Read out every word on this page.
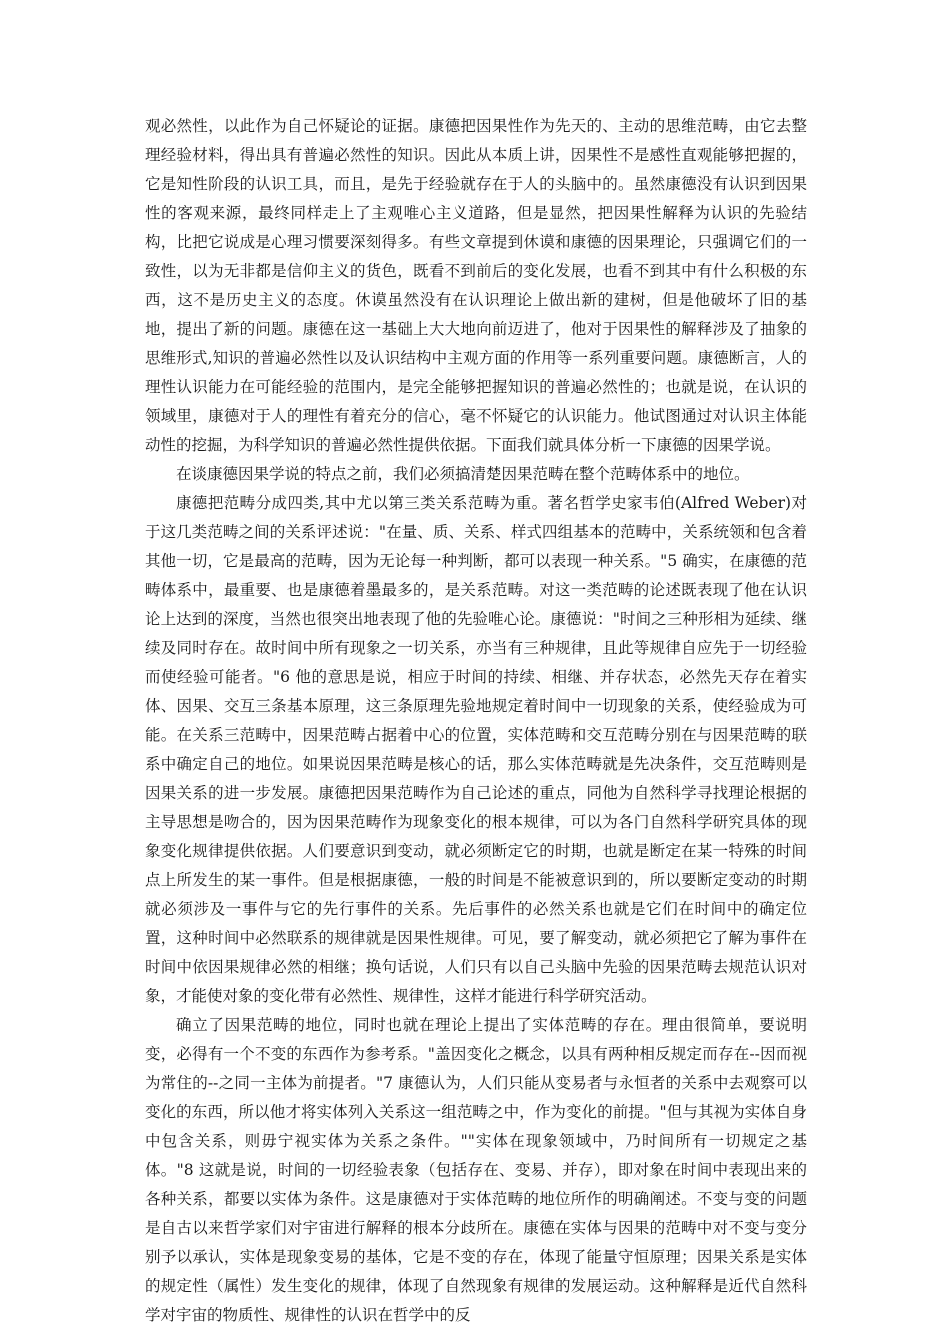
观必然性，以此作为自己怀疑论的证据。康德把因果性作为先天的、主动的思维范畴，由它去整理经验材料，得出具有普遍必然性的知识。因此从本质上讲，因果性不是感性直观能够把握的，它是知性阶段的认识工具，而且，是先于经验就存在于人的头脑中的。虽然康德没有认识到因果性的客观来源，最终同样走上了主观唯心主义道路，但是显然，把因果性解释为认识的先验结构，比把它说成是心理习惯要深刻得多。有些文章提到休谟和康德的因果理论，只强调它们的一致性，以为无非都是信仰主义的货色，既看不到前后的变化发展，也看不到其中有什么积极的东西，这不是历史主义的态度。休谟虽然没有在认识理论上做出新的建树，但是他破坏了旧的基地，提出了新的问题。康德在这一基础上大大地向前迈进了，他对于因果性的解释涉及了抽象的思维形式,知识的普遍必然性以及认识结构中主观方面的作用等一系列重要问题。康德断言，人的理性认识能力在可能经验的范围内，是完全能够把握知识的普遍必然性的；也就是说，在认识的领域里，康德对于人的理性有着充分的信心，毫不怀疑它的认识能力。他试图通过对认识主体能动性的挖掘，为科学知识的普遍必然性提供依据。下面我们就具体分析一下康德的因果学说。

在谈康德因果学说的特点之前，我们必须搞清楚因果范畴在整个范畴体系中的地位。

康德把范畴分成四类,其中尤以第三类关系范畴为重。著名哲学史家韦伯(Alfred Weber)对于这几类范畴之间的关系评述说："在量、质、关系、样式四组基本的范畴中，关系统领和包含着其他一切，它是最高的范畴，因为无论每一种判断，都可以表现一种关系。"5 确实，在康德的范畴体系中，最重要、也是康德着墨最多的，是关系范畴。对这一类范畴的论述既表现了他在认识论上达到的深度，当然也很突出地表现了他的先验唯心论。康德说："时间之三种形相为延续、继续及同时存在。故时间中所有现象之一切关系，亦当有三种规律，且此等规律自应先于一切经验而使经验可能者。"6 他的意思是说，相应于时间的持续、相继、并存状态，必然先天存在着实体、因果、交互三条基本原理，这三条原理先验地规定着时间中一切现象的关系，使经验成为可能。在关系三范畴中，因果范畴占据着中心的位置，实体范畴和交互范畴分别在与因果范畴的联系中确定自己的地位。如果说因果范畴是核心的话，那么实体范畴就是先决条件，交互范畴则是因果关系的进一步发展。康德把因果范畴作为自己论述的重点，同他为自然科学寻找理论根据的主导思想是吻合的，因为因果范畴作为现象变化的根本规律，可以为各门自然科学研究具体的现象变化规律提供依据。人们要意识到变动，就必须断定它的时期，也就是断定在某一特殊的时间点上所发生的某一事件。但是根据康德，一般的时间是不能被意识到的，所以要断定变动的时期就必须涉及一事件与它的先行事件的关系。先后事件的必然关系也就是它们在时间中的确定位置，这种时间中必然联系的规律就是因果性规律。可见，要了解变动，就必须把它了解为事件在时间中依因果规律必然的相继；换句话说，人们只有以自己头脑中先验的因果范畴去规范认识对象，才能使对象的变化带有必然性、规律性，这样才能进行科学研究活动。

确立了因果范畴的地位，同时也就在理论上提出了实体范畴的存在。理由很简单，要说明变，必得有一个不变的东西作为参考系。"盖因变化之概念，以具有两种相反规定而存在--因而视为常住的--之同一主体为前提者。"7 康德认为，人们只能从变易者与永恒者的关系中去观察可以变化的东西，所以他才将实体列入关系这一组范畴之中，作为变化的前提。"但与其视为实体自身中包含关系，则毋宁视实体为关系之条件。""实体在现象领域中，乃时间所有一切规定之基体。"8 这就是说，时间的一切经验表象（包括存在、变易、并存），即对象在时间中表现出来的各种关系，都要以实体为条件。这是康德对于实体范畴的地位所作的明确阐述。不变与变的问题是自古以来哲学家们对宇宙进行解释的根本分歧所在。康德在实体与因果的范畴中对不变与变分别予以承认，实体是现象变易的基体，它是不变的存在，体现了能量守恒原理；因果关系是实体的规定性（属性）发生变化的规律，体现了自然现象有规律的发展运动。这种解释是近代自然科学对宇宙的物质性、规律性的认识在哲学中的反
